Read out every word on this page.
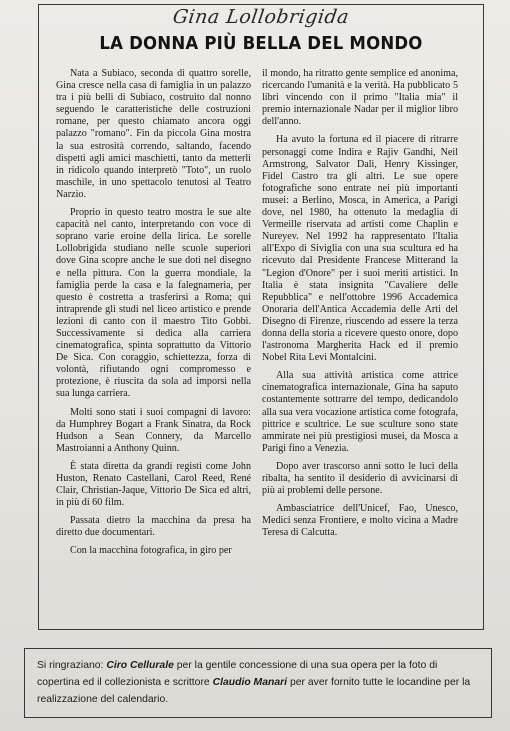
Gina Lollobrigida
LA DONNA PIÙ BELLA DEL MONDO

Nata a Subiaco, seconda di quattro sorelle, Gina cresce nella casa di famiglia in un palazzo tra i più belli di Subiaco, costruito dal nonno seguendo le caratteristiche delle costruzioni romane, per questo chiamato ancora oggi palazzo "romano". Fin da piccola Gina mostra la sua estrosità correndo, saltando, facendo dispetti agli amici maschietti, tanto da metterli in ridicolo quando interpretò "Toto", un ruolo maschile, in uno spettacolo tenutosi al Teatro Narzio.

Proprio in questo teatro mostra le sue alte capacità nel canto, interpretando con voce di soprano varie eroine della lirica. Le sorelle Lollobrigida studiano nelle scuole superiori dove Gina scopre anche le sue doti nel disegno e nella pittura. Con la guerra mondiale, la famiglia perde la casa e la falegnameria, per questo è costretta a trasferirsi a Roma; qui intraprende gli studi nel liceo artistico e prende lezioni di canto con il maestro Tito Gobbi. Successivamente si dedica alla carriera cinematografica, spinta soprattutto da Vittorio De Sica. Con coraggio, schiettezza, forza di volontà, rifiutando ogni compromesso e protezione, è riuscita da sola ad imporsi nella sua lunga carriera.

Molti sono stati i suoi compagni di lavoro: da Humphrey Bogart a Frank Sinatra, da Rock Hudson a Sean Connery, da Marcello Mastroianni a Anthony Quinn.

È stata diretta da grandi registi come John Huston, Renato Castellani, Carol Reed, René Clair, Christian-Jaque, Vittorio De Sica ed altri, in più di 60 film.

Passata dietro la macchina da presa ha diretto due documentari.

Con la macchina fotografica, in giro per

il mondo, ha ritratto gente semplice ed anonima, ricercando l'umanità e la verità. Ha pubblicato 5 libri vincendo con il primo "Italia mia" il premio internazionale Nadar per il miglior libro dell'anno.

Ha avuto la fortuna ed il piacere di ritrarre personaggi come Indira e Rajiv Gandhi, Neil Armstrong, Salvator Dalì, Henry Kissinger, Fidel Castro tra gli altri. Le sue opere fotografiche sono entrate nei più importanti musei: a Berlino, Mosca, in America, a Parigi dove, nel 1980, ha ottenuto la medaglia di Vermeille riservata ad artisti come Chaplin e Nureyev. Nel 1992 ha rappresentato l'Italia all'Expo di Siviglia con una sua scultura ed ha ricevuto dal Presidente Francese Mitterand la "Legion d'Onore" per i suoi meriti artistici. In Italia è stata insignita "Cavaliere delle Repubblica" e nell'ottobre 1996 Accademica Onoraria dell'Antica Accademia delle Arti del Disegno di Firenze, riuscendo ad essere la terza donna della storia a ricevere questo onore, dopo l'astronoma Margherita Hack ed il premio Nobel Rita Levi Montalcini.

Alla sua attività artistica come attrice cinematografica internazionale, Gina ha saputo costantemente sottrarre del tempo, dedicandolo alla sua vera vocazione artistica come fotografa, pittrice e scultrice. Le sue sculture sono state ammirate nei più prestigiosi musei, da Mosca a Parigi fino a Venezia.

Dopo aver trascorso anni sotto le luci della ribalta, ha sentito il desiderio di avvicinarsi di più ai problemi delle persone.

Ambasciatrice dell'Unicef, Fao, Unesco, Medici senza Frontiere, e molto vicina a Madre Teresa di Calcutta.

Si ringraziano: Ciro Cellurale per la gentile concessione di una sua opera per la foto di copertina ed il collezionista e scrittore Claudio Manari per aver fornito tutte le locandine per la realizzazione del calendario.
